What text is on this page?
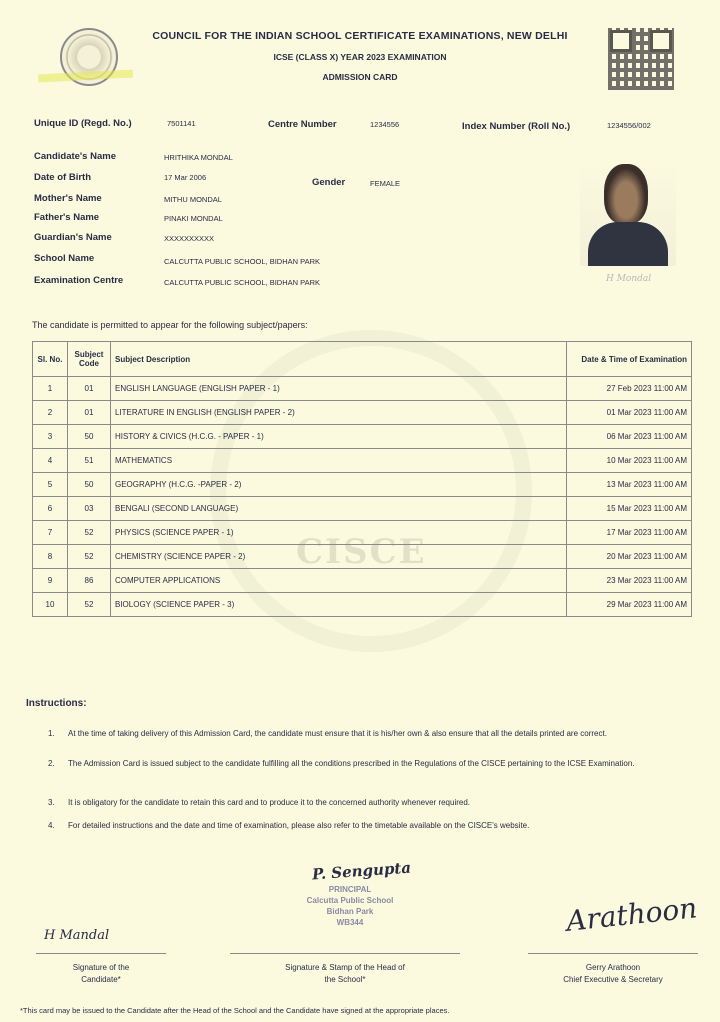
COUNCIL FOR THE INDIAN SCHOOL CERTIFICATE EXAMINATIONS, NEW DELHI
ICSE (CLASS X) YEAR 2023 EXAMINATION
ADMISSION CARD
Unique ID (Regd. No.)	7501141	Centre Number	1234556	Index Number (Roll No.)	1234556/002
Candidate's Name	HRITHIKA MONDAL
Date of Birth	17 Mar 2006	Gender	FEMALE
Mother's Name	MITHU MONDAL
Father's Name	PINAKI MONDAL
Guardian's Name	XXXXXXXXXX
School Name	CALCUTTA PUBLIC SCHOOL, BIDHAN PARK
Examination Centre	CALCUTTA PUBLIC SCHOOL, BIDHAN PARK	H Mondal
CISCE
The candidate is permitted to appear for the following subject/papers:
Sl. No.	Subject Code	Subject Description	Date & Time of Examination
1	01	ENGLISH LANGUAGE (ENGLISH PAPER - 1)	27 Feb 2023 11:00 AM
2	01	LITERATURE IN ENGLISH (ENGLISH PAPER - 2)	01 Mar 2023 11:00 AM
3	50	HISTORY & CIVICS (H.C.G. - PAPER - 1)	06 Mar 2023 11:00 AM
4	51	MATHEMATICS	10 Mar 2023 11:00 AM
5	50	GEOGRAPHY (H.C.G. -PAPER - 2)	13 Mar 2023 11:00 AM
6	03	BENGALI (SECOND LANGUAGE)	15 Mar 2023 11:00 AM
7	52	PHYSICS (SCIENCE PAPER - 1)	17 Mar 2023 11:00 AM
8	52	CHEMISTRY (SCIENCE PAPER - 2)	20 Mar 2023 11:00 AM
9	86	COMPUTER APPLICATIONS	23 Mar 2023 11:00 AM
10	52	BIOLOGY (SCIENCE PAPER - 3)	29 Mar 2023 11:00 AM
Instructions:
1. At the time of taking delivery of this Admission Card, the candidate must ensure that it is his/her own & also ensure that all the details printed are correct.
2. The Admission Card is issued subject to the candidate fulfilling all the conditions prescribed in the Regulations of the CISCE pertaining to the ICSE Examination.
3. It is obligatory for the candidate to retain this card and to produce it to the concerned authority whenever required.
4. For detailed instructions and the date and time of examination, please also refer to the timetable available on the CISCE's website.
P. Sengupta
PRINCIPAL
Calcutta Public School
Bidhan Park
WB344
H Mandal	Arathoon
Signature of the
Candidate*
Signature & Stamp of the Head of
the School*
Gerry Arathoon
Chief Executive & Secretary
*This card may be issued to the Candidate after the Head of the School and the Candidate have signed at the appropriate places.
